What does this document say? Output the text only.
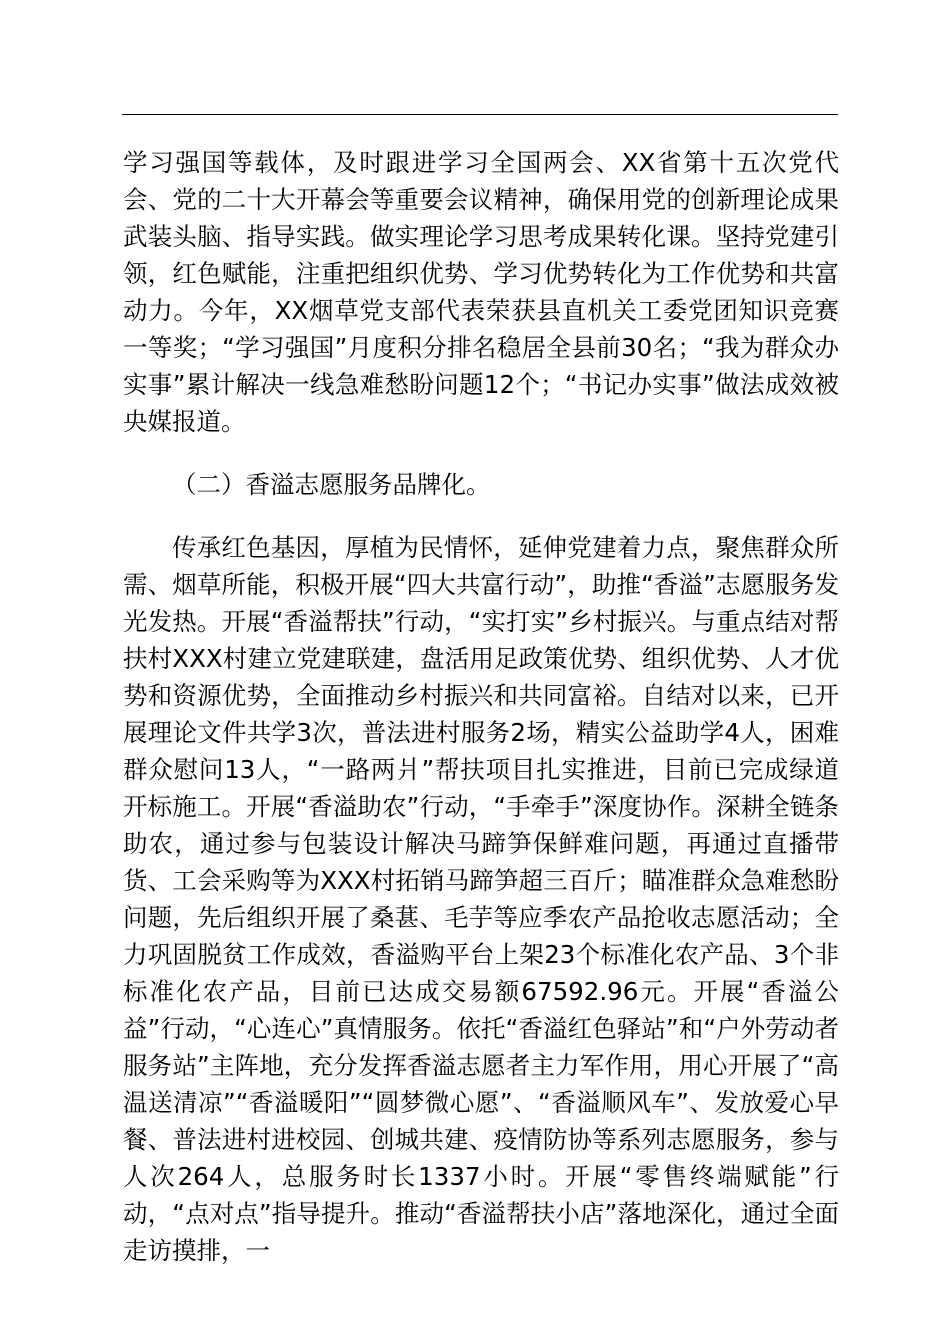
学习强国等载体，及时跟进学习全国两会、XX省第十五次党代会、党的二十大开幕会等重要会议精神，确保用党的创新理论成果武装头脑、指导实践。做实理论学习思考成果转化课。坚持党建引领，红色赋能，注重把组织优势、学习优势转化为工作优势和共富动力。今年，XX烟草党支部代表荣获县直机关工委党团知识竞赛一等奖；“学习强国”月度积分排名稳居全县前30名；“我为群众办实事”累计解决一线急难愁盼问题12个；“书记办实事”做法成效被央媒报道。

（二）香溢志愿服务品牌化。

传承红色基因，厚植为民情怀，延伸党建着力点，聚焦群众所需、烟草所能，积极开展“四大共富行动”，助推“香溢”志愿服务发光发热。开展“香溢帮扶”行动，“实打实”乡村振兴。与重点结对帮扶村XXX村建立党建联建，盘活用足政策优势、组织优势、人才优势和资源优势，全面推动乡村振兴和共同富裕。自结对以来，已开展理论文件共学3次，普法进村服务2场，精实公益助学4人，困难群众慰问13人，“一路两爿”帮扶项目扎实推进，目前已完成绿道开标施工。开展“香溢助农”行动，“手牵手”深度协作。深耕全链条助农，通过参与包装设计解决马蹄笋保鲜难问题，再通过直播带货、工会采购等为XXX村拓销马蹄笋超三百斤；瞄准群众急难愁盼问题，先后组织开展了桑葚、毛芋等应季农产品抢收志愿活动；全力巩固脱贫工作成效，香溢购平台上架23个标准化农产品、3个非标准化农产品，目前已达成交易额67592.96元。开展“香溢公益”行动，“心连心”真情服务。依托“香溢红色驿站”和“户外劳动者服务站”主阵地，充分发挥香溢志愿者主力军作用，用心开展了“高温送清凉”“香溢暖阳”“圆梦微心愿”、“香溢顺风车”、发放爱心早餐、普法进村进校园、创城共建、疫情防协等系列志愿服务，参与人次264人，总服务时长1337小时。开展“零售终端赋能”行动，“点对点”指导提升。推动“香溢帮扶小店”落地深化，通过全面走访摸排，一
